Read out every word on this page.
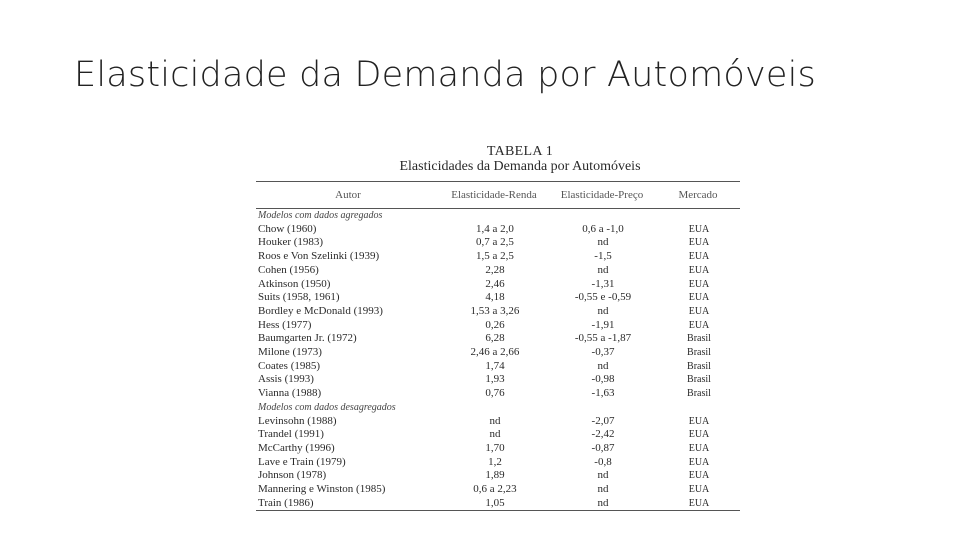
Elasticidade da Demanda por Automóveis
TABELA 1
Elasticidades da Demanda por Automóveis
Autor	Elasticidade-Renda	Elasticidade-Preço	Mercado
Modelos com dados agregados			
Chow (1960)	1,4 a 2,0	0,6 a -1,0	EUA
Houker (1983)	0,7 a 2,5	nd	EUA
Roos e Von Szelinki (1939)	1,5 a 2,5	-1,5	EUA
Cohen (1956)	2,28	nd	EUA
Atkinson (1950)	2,46	-1,31	EUA
Suits (1958, 1961)	4,18	-0,55 e -0,59	EUA
Bordley e McDonald (1993)	1,53 a 3,26	nd	EUA
Hess (1977)	0,26	-1,91	EUA
Baumgarten Jr. (1972)	6,28	-0,55 a -1,87	Brasil
Milone (1973)	2,46 a 2,66	-0,37	Brasil
Coates (1985)	1,74	nd	Brasil
Assis (1993)	1,93	-0,98	Brasil
Vianna (1988)	0,76	-1,63	Brasil
Modelos com dados desagregados			
Levinsohn (1988)	nd	-2,07	EUA
Trandel (1991)	nd	-2,42	EUA
McCarthy (1996)	1,70	-0,87	EUA
Lave e Train (1979)	1,2	-0,8	EUA
Johnson (1978)	1,89	nd	EUA
Mannering e Winston (1985)	0,6 a 2,23	nd	EUA
Train (1986)	1,05	nd	EUA
